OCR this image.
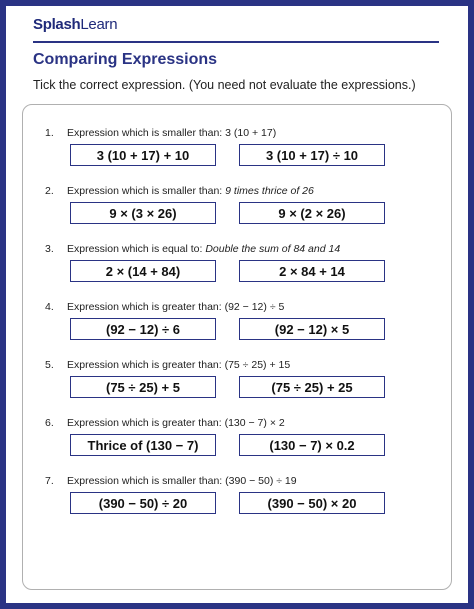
SplashLearn
Comparing Expressions
Tick the correct expression. (You need not evaluate the expressions.)
1. Expression which is smaller than: 3 (10 + 17)
3 (10 + 17) + 10	3 (10 + 17) ÷ 10
2. Expression which is smaller than: 9 times thrice of 26
9 × (3 × 26)	9 × (2 × 26)
3. Expression which is equal to: Double the sum of 84 and 14
2 × (14 + 84)	2 × 84 + 14
4. Expression which is greater than: (92 − 12) ÷ 5
(92 − 12) ÷ 6	(92 − 12) × 5
5. Expression which is greater than: (75 ÷ 25) + 15
(75 ÷ 25) + 5	(75 ÷ 25) + 25
6. Expression which is greater than: (130 − 7) × 2
Thrice of (130 − 7)	(130 − 7) × 0.2
7. Expression which is smaller than: (390 − 50) ÷ 19
(390 − 50) ÷ 20	(390 − 50) × 20
